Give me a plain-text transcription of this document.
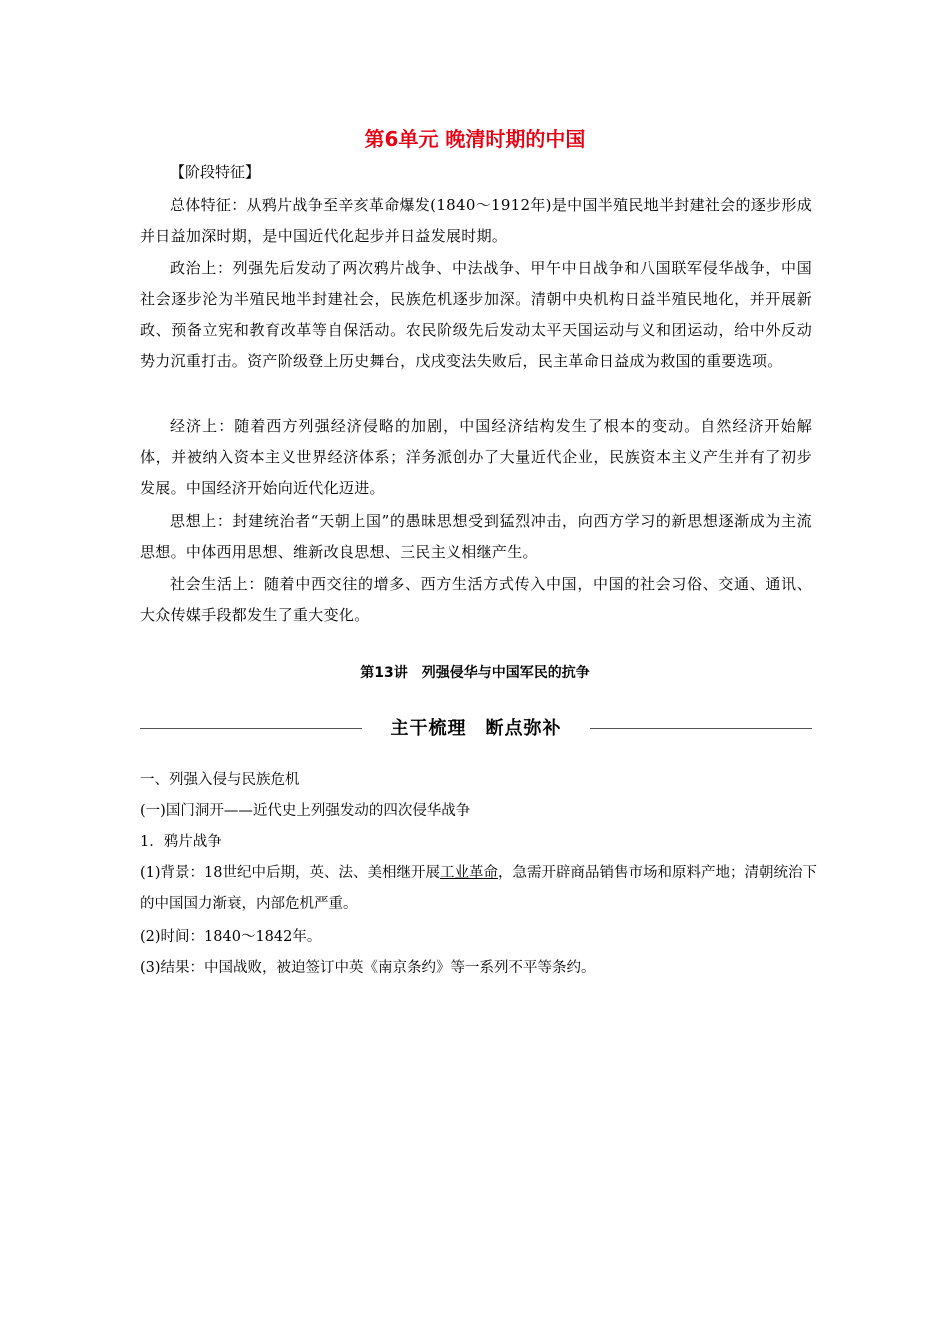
第6单元 晚清时期的中国
【阶段特征】
总体特征：从鸦片战争至辛亥革命爆发(1840～1912年)是中国半殖民地半封建社会的逐步形成并日益加深时期，是中国近代化起步并日益发展时期。
政治上：列强先后发动了两次鸦片战争、中法战争、甲午中日战争和八国联军侵华战争，中国社会逐步沦为半殖民地半封建社会，民族危机逐步加深。清朝中央机构日益半殖民地化，并开展新政、预备立宪和教育改革等自保活动。农民阶级先后发动太平天国运动与义和团运动，给中外反动势力沉重打击。资产阶级登上历史舞台，戊戌变法失败后，民主革命日益成为救国的重要选项。
经济上：随着西方列强经济侵略的加剧，中国经济结构发生了根本的变动。自然经济开始解体，并被纳入资本主义世界经济体系；洋务派创办了大量近代企业，民族资本主义产生并有了初步发展。中国经济开始向近代化迈进。
思想上：封建统治者“天朝上国”的愚昧思想受到猛烈冲击，向西方学习的新思想逐渐成为主流思想。中体西用思想、维新改良思想、三民主义相继产生。
社会生活上：随着中西交往的增多、西方生活方式传入中国，中国的社会习俗、交通、通讯、大众传媒手段都发生了重大变化。
第13讲　列强侵华与中国军民的抗争
主干梳理　断点弥补
一、列强入侵与民族危机
(一)国门洞开——近代史上列强发动的四次侵华战争
1．鸦片战争
(1)背景：18世纪中后期，英、法、美相继开展工业革命，急需开辟商品销售市场和原料产地；清朝统治下的中国国力渐衰，内部危机严重。
(2)时间：1840～1842年。
(3)结果：中国战败，被迫签订中英《南京条约》等一系列不平等条约。
